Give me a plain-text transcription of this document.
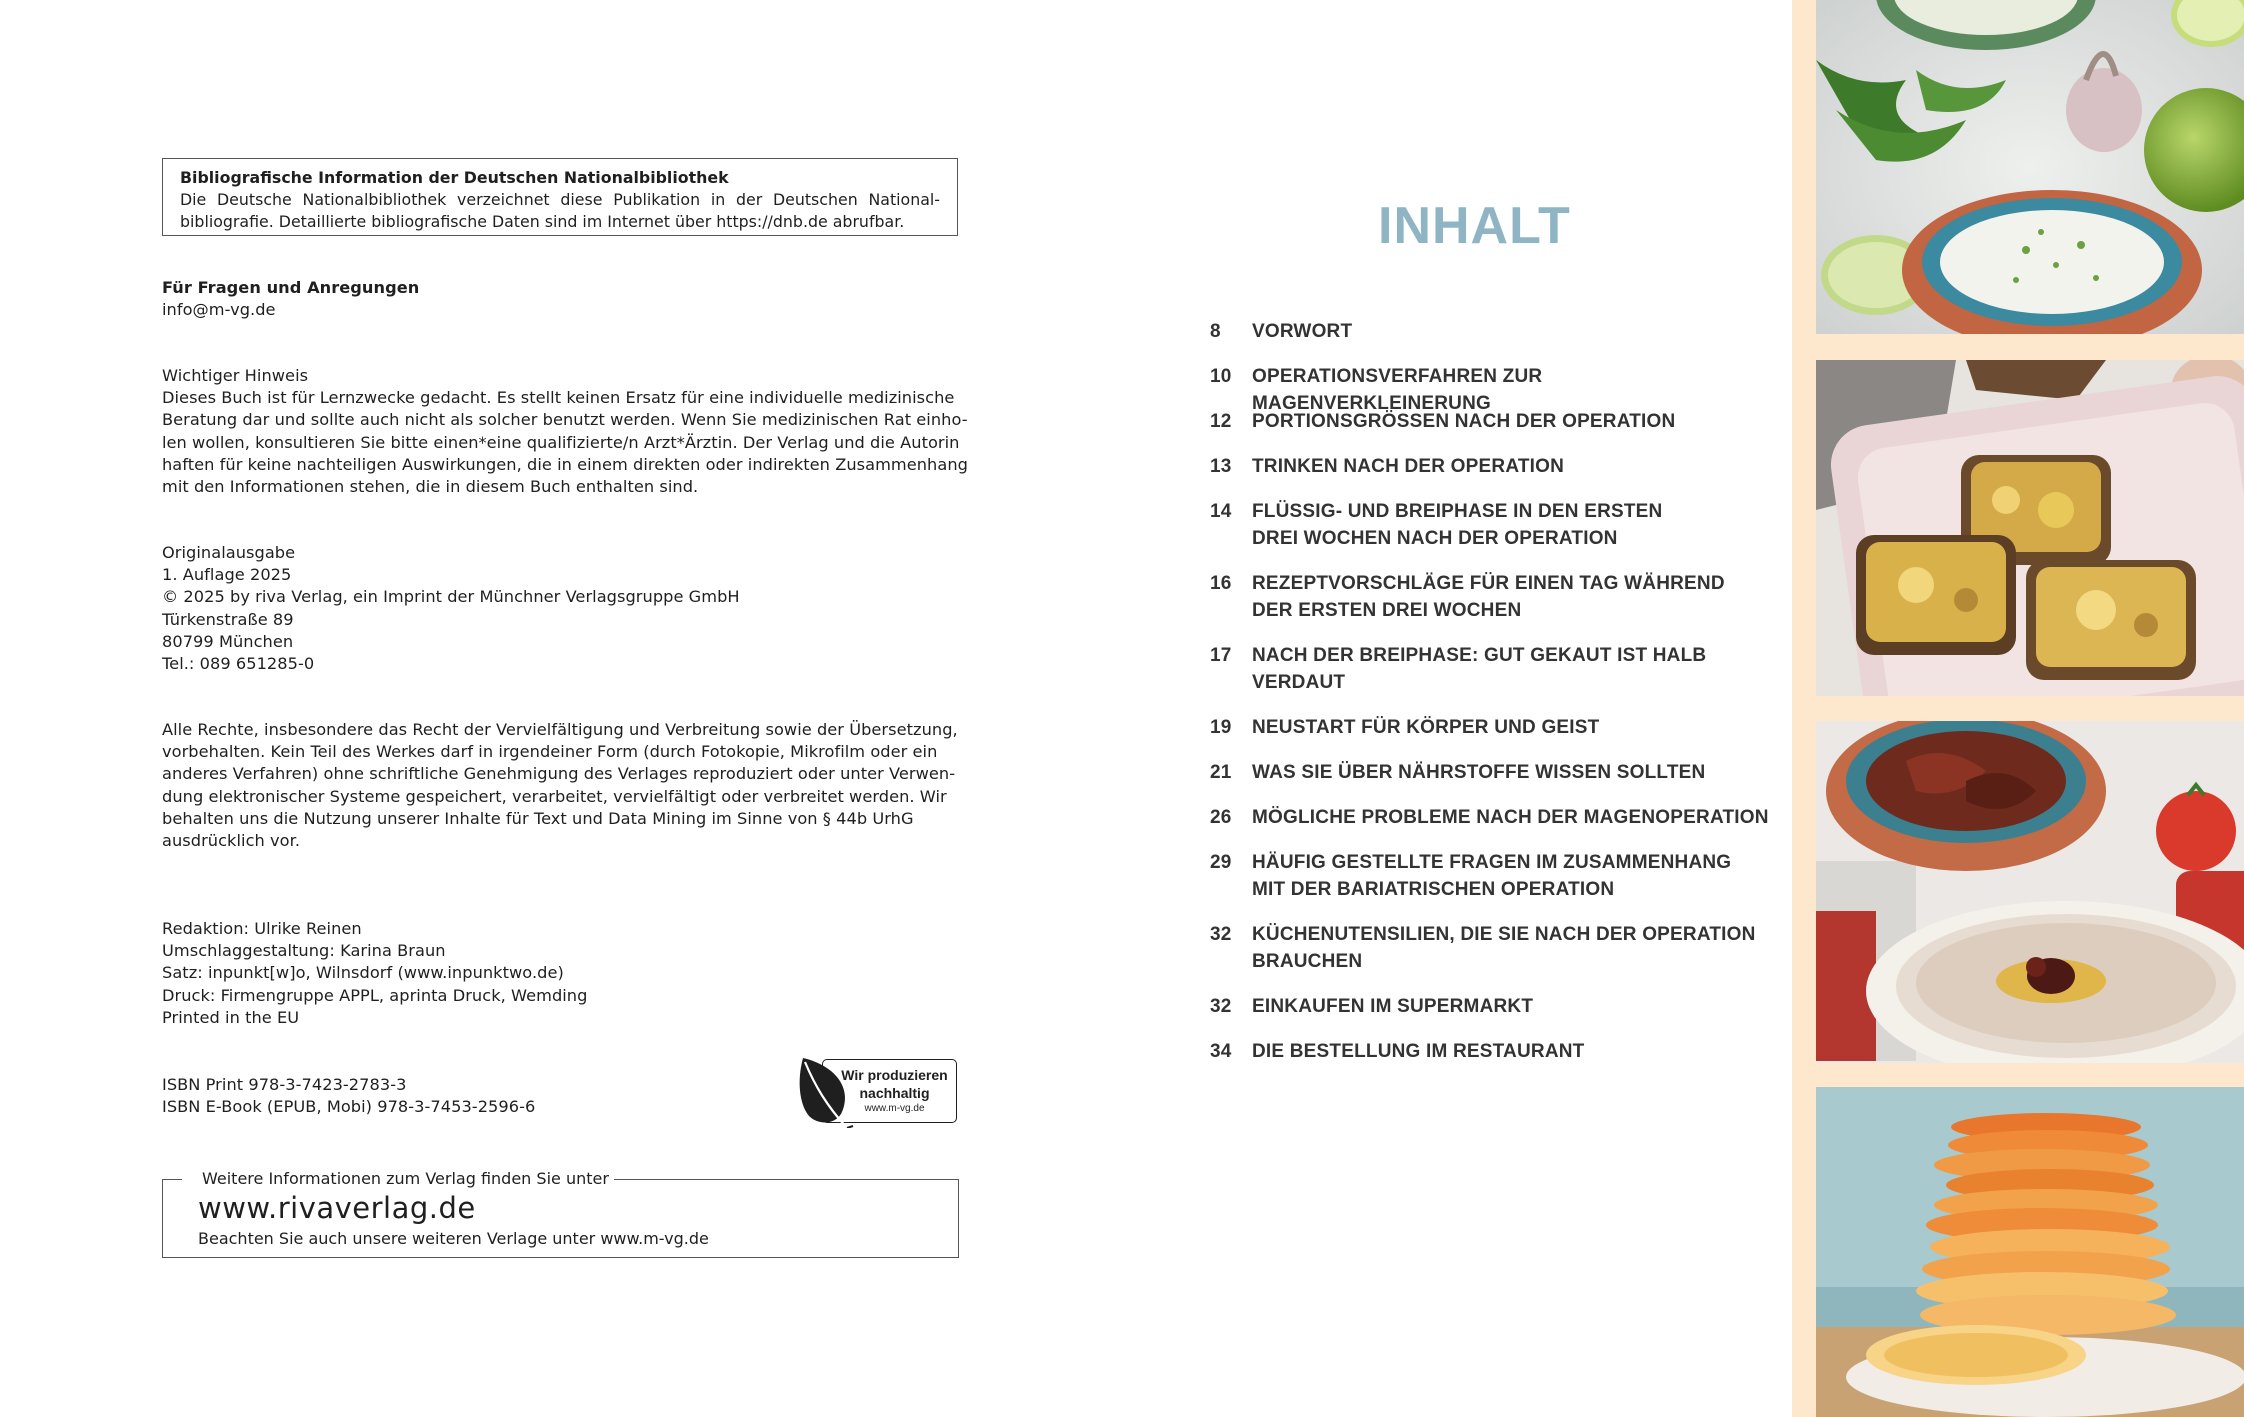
Bibliografische Information der Deutschen Nationalbibliothek
Die Deutsche Nationalbibliothek verzeichnet diese Publikation in der Deutschen National-
bibliografie. Detaillierte bibliografische Daten sind im Internet über https://dnb.de abrufbar.
Für Fragen und Anregungen
info@m-vg.de
Wichtiger Hinweis
Dieses Buch ist für Lernzwecke gedacht. Es stellt keinen Ersatz für eine individuelle medizinische
Beratung dar und sollte auch nicht als solcher benutzt werden. Wenn Sie medizinischen Rat einho-
len wollen, konsultieren Sie bitte einen*eine qualifizierte/n Arzt*Ärztin. Der Verlag und die Autorin
haften für keine nachteiligen Auswirkungen, die in einem direkten oder indirekten Zusammenhang
mit den Informationen stehen, die in diesem Buch enthalten sind.
Originalausgabe
1. Auflage 2025
© 2025 by riva Verlag, ein Imprint der Münchner Verlagsgruppe GmbH
Türkenstraße 89
80799 München
Tel.: 089 651285-0
Alle Rechte, insbesondere das Recht der Vervielfältigung und Verbreitung sowie der Übersetzung,
vorbehalten. Kein Teil des Werkes darf in irgendeiner Form (durch Fotokopie, Mikrofilm oder ein
anderes Verfahren) ohne schriftliche Genehmigung des Verlages reproduziert oder unter Verwen-
dung elektronischer Systeme gespeichert, verarbeitet, vervielfältigt oder verbreitet werden. Wir
behalten uns die Nutzung unserer Inhalte für Text und Data Mining im Sinne von § 44b UrhG
ausdrücklich vor.
Redaktion: Ulrike Reinen
Umschlaggestaltung: Karina Braun
Satz: inpunkt[w]o, Wilnsdorf (www.inpunktwo.de)
Druck: Firmengruppe APPL, aprinta Druck, Wemding
Printed in the EU
ISBN Print 978-3-7423-2783-3
ISBN E-Book (EPUB, Mobi) 978-3-7453-2596-6
Wir produzieren
nachhaltig
www.m-vg.de
Weitere Informationen zum Verlag finden Sie unter
www.rivaverlag.de
Beachten Sie auch unsere weiteren Verlage unter www.m-vg.de
INHALT
8	VORWORT
10	OPERATIONSVERFAHREN ZUR MAGENVERKLEINERUNG
12	PORTIONSGRÖSSEN NACH DER OPERATION
13	TRINKEN NACH DER OPERATION
14	FLÜSSIG- UND BREIPHASE IN DEN ERSTEN
DREI WOCHEN NACH DER OPERATION
16	REZEPTVORSCHLÄGE FÜR EINEN TAG WÄHREND
DER ERSTEN DREI WOCHEN
17	NACH DER BREIPHASE: GUT GEKAUT IST HALB
VERDAUT
19	NEUSTART FÜR KÖRPER UND GEIST
21	WAS SIE ÜBER NÄHRSTOFFE WISSEN SOLLTEN
26	MÖGLICHE PROBLEME NACH DER MAGENOPERATION
29	HÄUFIG GESTELLTE FRAGEN IM ZUSAMMENHANG
MIT DER BARIATRISCHEN OPERATION
32	KÜCHENUTENSILIEN, DIE SIE NACH DER OPERATION
BRAUCHEN
32	EINKAUFEN IM SUPERMARKT
34	DIE BESTELLUNG IM RESTAURANT
